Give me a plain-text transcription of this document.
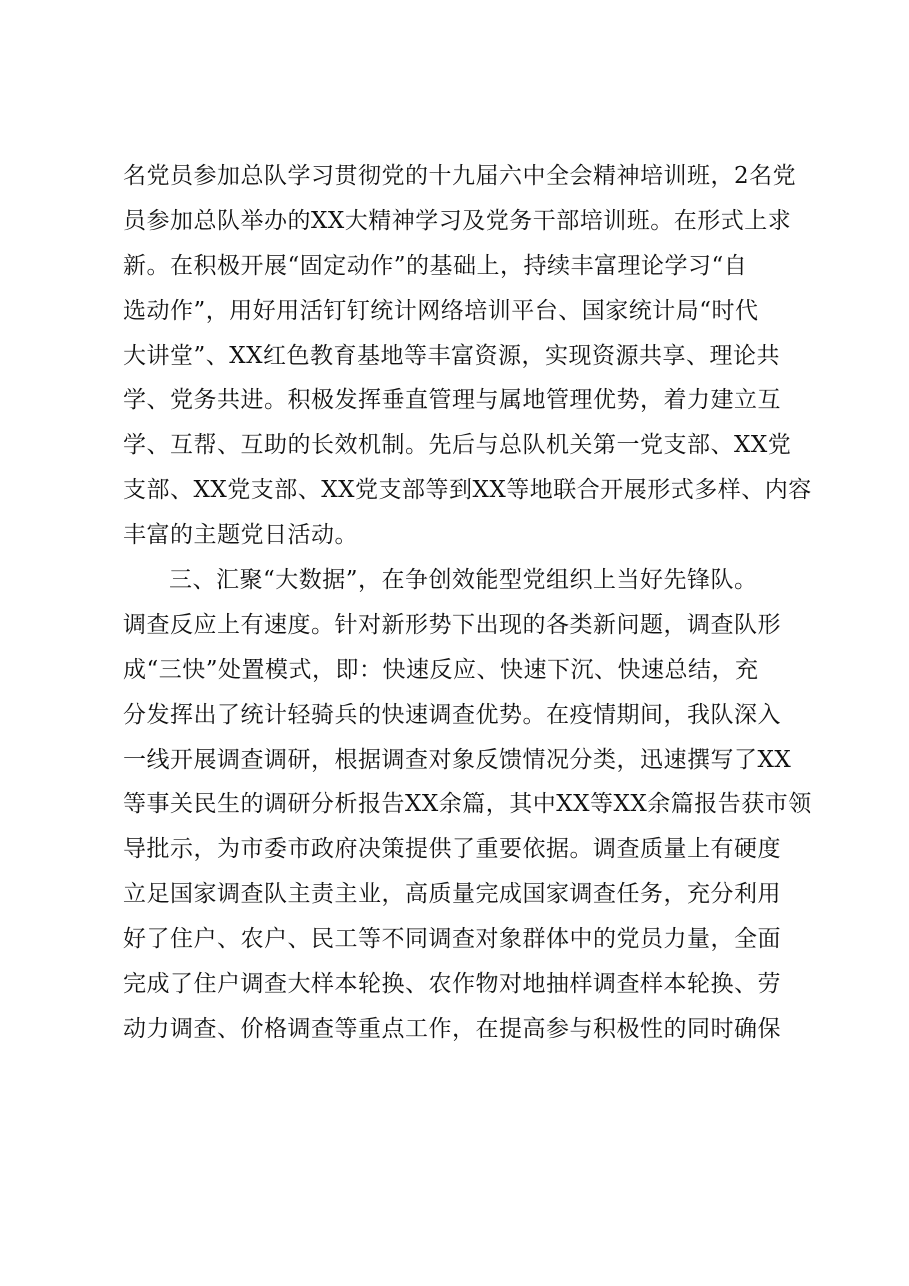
名党员参加总队学习贯彻党的十九届六中全会精神培训班，2名党
员参加总队举办的XX大精神学习及党务干部培训班。在形式上求
新。在积极开展“固定动作”的基础上，持续丰富理论学习“自
选动作”，用好用活钉钉统计网络培训平台、国家统计局“时代
大讲堂”、XX红色教育基地等丰富资源，实现资源共享、理论共
学、党务共进。积极发挥垂直管理与属地管理优势，着力建立互
学、互帮、互助的长效机制。先后与总队机关第一党支部、XX党
支部、XX党支部、XX党支部等到XX等地联合开展形式多样、内容
丰富的主题党日活动。
三、汇聚“大数据”，在争创效能型党组织上当好先锋队。
调查反应上有速度。针对新形势下出现的各类新问题，调查队形
成“三快”处置模式，即：快速反应、快速下沉、快速总结，充
分发挥出了统计轻骑兵的快速调查优势。在疫情期间，我队深入
一线开展调查调研，根据调查对象反馈情况分类，迅速撰写了XX
等事关民生的调研分析报告XX余篇，其中XX等XX余篇报告获市领
导批示，为市委市政府决策提供了重要依据。调查质量上有硬度
立足国家调查队主责主业，高质量完成国家调查任务，充分利用
好了住户、农户、民工等不同调查对象群体中的党员力量，全面
完成了住户调查大样本轮换、农作物对地抽样调查样本轮换、劳
动力调查、价格调查等重点工作，在提高参与积极性的同时确保
